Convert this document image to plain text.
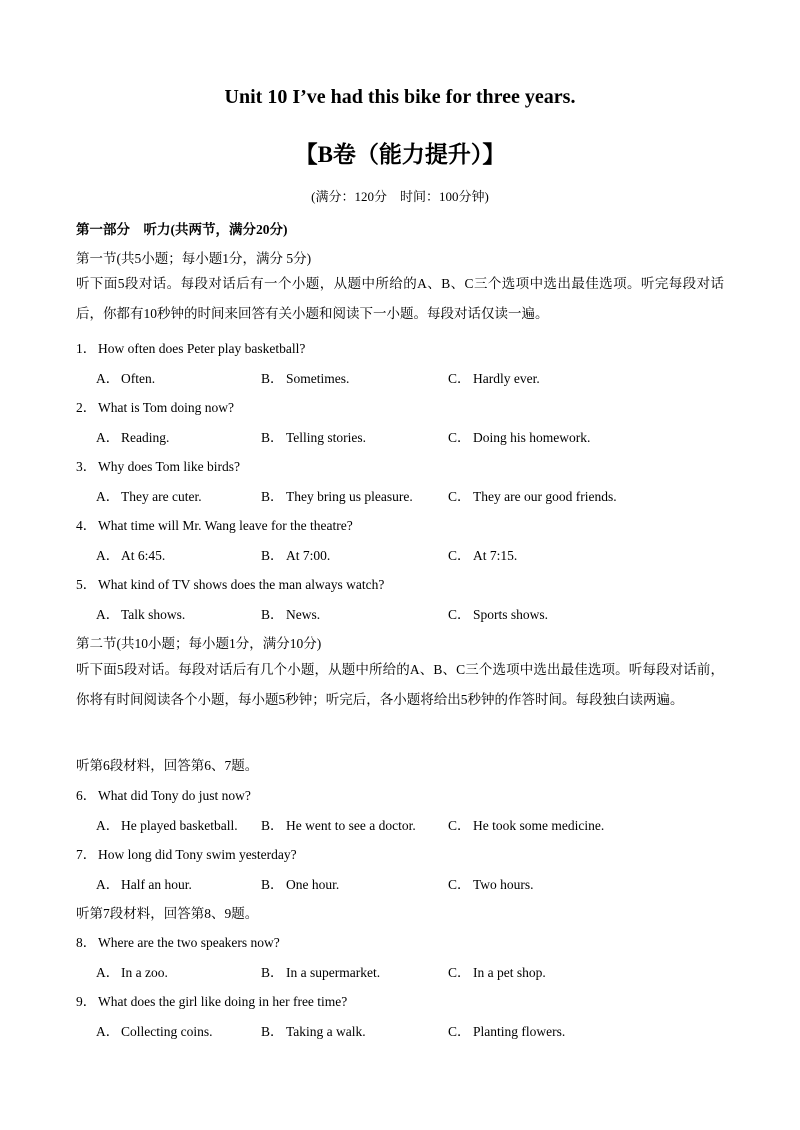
Unit 10 I’ve had this bike for three years.
【B卷（能力提升）】
(满分：120分　时间：100分钟)
第一部分　听力(共两节，满分20分)
第一节(共5小题；每小题1分，满分 5分)
听下面5段对话。每段对话后有一个小题，从题中所给的A、B、C三个选项中选出最佳选项。听完每段对话后，你都有10秒钟的时间来回答有关小题和阅读下一小题。每段对话仅读一遍。
1． How often does Peter play basketball?
A． Often.	B． Sometimes.	C． Hardly ever.
2． What is Tom doing now?
A． Reading.	B． Telling stories.	C． Doing his homework.
3． Why does Tom like birds?
A． They are cuter.	B． They bring us pleasure.	C． They are our good friends.
4． What time will Mr. Wang leave for the theatre?
A． At 6:45.	B． At 7:00.	C． At 7:15.
5． What kind of TV shows does the man always watch?
A． Talk shows.	B． News.	C． Sports shows.
第二节(共10小题；每小题1分，满分10分)
听下面5段对话。每段对话后有几个小题，从题中所给的A、B、C三个选项中选出最佳选项。听每段对话前，你将有时间阅读各个小题，每小题5秒钟；听完后，各小题将给出5秒钟的作答时间。每段独白读两遍。
听第6段材料，回答第6、7题。
6． What did Tony do just now?
A． He played basketball. B． He went to see a doctor. C． He took some medicine.
7． How long did Tony swim yesterday?
A． Half an hour.	B． One hour.	C． Two hours.
听第7段材料，回答第8、9题。
8． Where are the two speakers now?
A． In a zoo.	B． In a supermarket.	C． In a pet shop.
9． What does the girl like doing in her free time?
A． Collecting coins.	B． Taking a walk.	C． Planting flowers.
